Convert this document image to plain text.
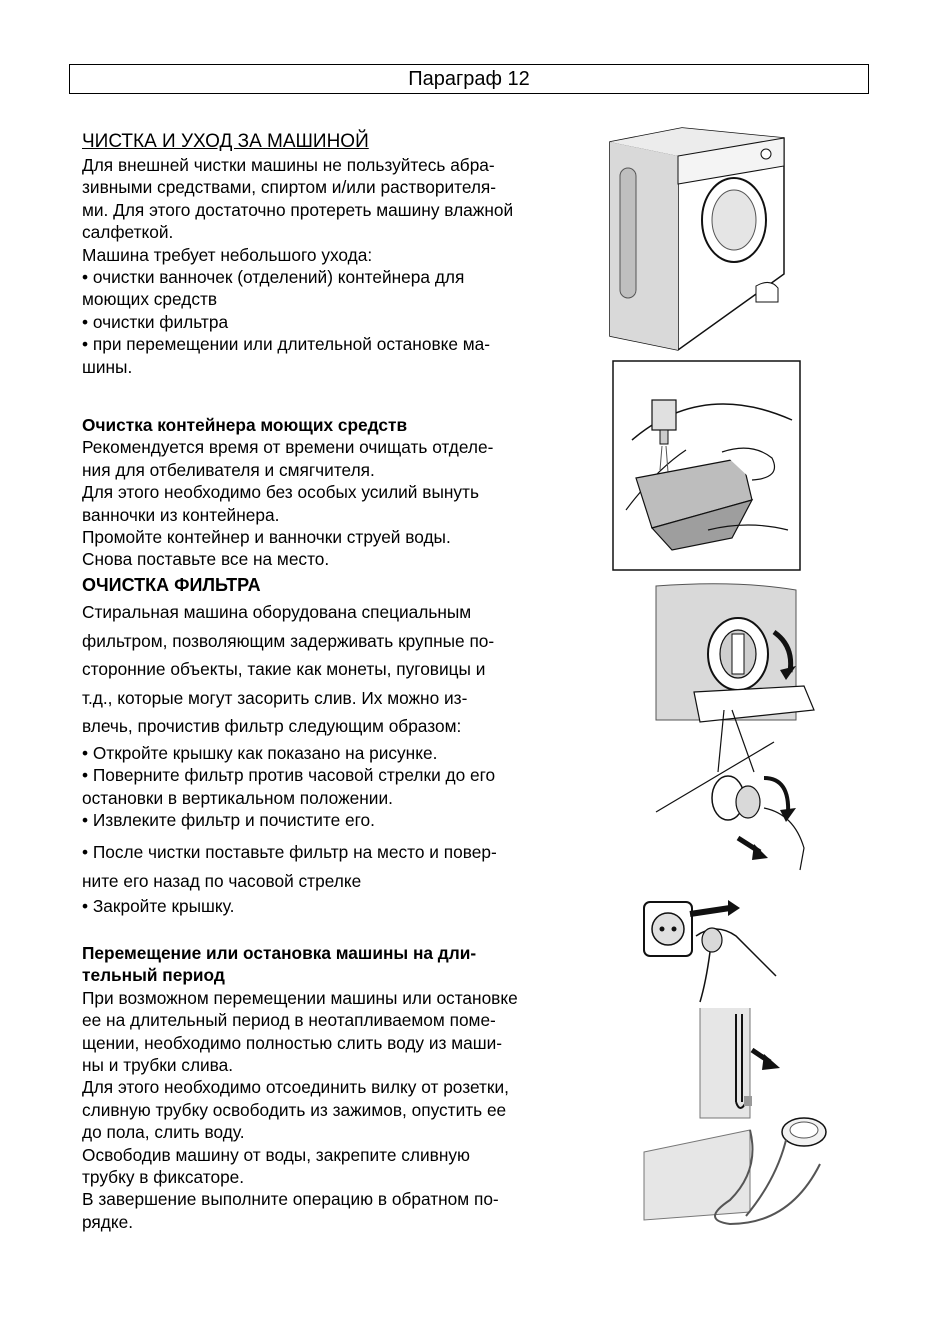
Параграф 12

ЧИСТКА И УХОД ЗА МАШИНОЙ

Для внешней чистки машины не пользуйтесь абра-

зивными средствами, спиртом и/или растворителя-

ми. Для этого достаточно протереть машину влажной

салфеткой.

Машина требует небольшого ухода:

• очистки ванночек (отделений) контейнера для

моющих средств

• очистки фильтра

• при перемещении или длительной остановке ма-

шины.

Очистка контейнера моющих средств

Рекомендуется время от времени очищать отделе-

ния для отбеливателя и смягчителя.

Для этого необходимо без особых усилий вынуть

ванночки из контейнера.

Промойте контейнер и ванночки струей воды.

Снова поставьте все на место.

ОЧИСТКА ФИЛЬТРА

Стиральная машина оборудована специальным

фильтром, позволяющим задерживать крупные по-

сторонние объекты, такие как монеты, пуговицы и

т.д., которые могут засорить слив. Их можно из-

влечь, прочистив фильтр следующим образом:

• Откройте крышку как показано на рисунке.

• Поверните фильтр против часовой стрелки до его

остановки в вертикальном положении.

• Извлеките фильтр и почистите его.

• После чистки поставьте фильтр на место и повер-

ните его назад по часовой стрелке

• Закройте крышку.

Перемещение или остановка машины на дли-

тельный период

При возможном перемещении машины или остановке

ее на длительный период в неотапливаемом поме-

щении, необходимо полностью слить воду из маши-

ны и трубки слива.

Для этого необходимо отсоединить вилку от розетки,

сливную трубку освободить из зажимов, опустить ее

до пола, слить воду.

Освободив машину от воды, закрепите сливную

трубку в фиксаторе.

В завершение выполните операцию в обратном по-

рядке.
